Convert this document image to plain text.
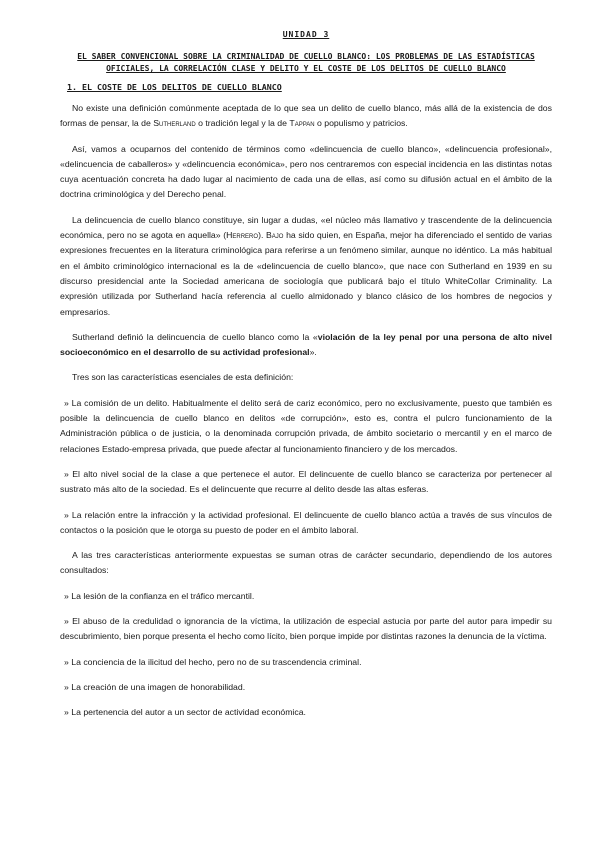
UNIDAD 3
EL SABER CONVENCIONAL SOBRE LA CRIMINALIDAD DE CUELLO BLANCO: LOS PROBLEMAS DE LAS ESTADÍSTICAS OFICIALES, LA CORRELACIÓN CLASE Y DELITO Y EL COSTE DE LOS DELITOS DE CUELLO BLANCO
1. EL COSTE DE LOS DELITOS DE CUELLO BLANCO

No existe una definición comúnmente aceptada de lo que sea un delito de cuello blanco, más allá de la existencia de dos formas de pensar, la de Sutherland o tradición legal y la de Tappan o populismo y patricios.

Así, vamos a ocuparnos del contenido de términos como «delincuencia de cuello blanco», «delincuencia profesional», «delincuencia de caballeros» y «delincuencia económica», pero nos centraremos con especial incidencia en las distintas notas cuya acentuación concreta ha dado lugar al nacimiento de cada una de ellas, así como su difusión actual en el ámbito de la doctrina criminológica y del Derecho penal.

La delincuencia de cuello blanco constituye, sin lugar a dudas, «el núcleo más llamativo y trascendente de la delincuencia económica, pero no se agota en aquella» (Herrero). Bajo ha sido quien, en España, mejor ha diferenciado el sentido de varias expresiones frecuentes en la literatura criminológica para referirse a un fenómeno similar, aunque no idéntico. La más habitual en el ámbito criminológico internacional es la de «delincuencia de cuello blanco», que nace con Sutherland en 1939 en su discurso presidencial ante la Sociedad americana de sociología que publicará bajo el título WhiteCollar Criminality. La expresión utilizada por Sutherland hacía referencia al cuello almidonado y blanco clásico de los hombres de negocios y empresarios.

Sutherland definió la delincuencia de cuello blanco como la «violación de la ley penal por una persona de alto nivel socioeconómico en el desarrollo de su actividad profesional».

Tres son las características esenciales de esta definición:

» La comisión de un delito. Habitualmente el delito será de cariz económico, pero no exclusivamente, puesto que también es posible la delincuencia de cuello blanco en delitos «de corrupción», esto es, contra el pulcro funcionamiento de la Administración pública o de justicia, o la denominada corrupción privada, de ámbito societario o mercantil y en el marco de relaciones Estado-empresa privada, que puede afectar al funcionamiento financiero y de los mercados.

» El alto nivel social de la clase a que pertenece el autor. El delincuente de cuello blanco se caracteriza por pertenecer al sustrato más alto de la sociedad. Es el delincuente que recurre al delito desde las altas esferas.

» La relación entre la infracción y la actividad profesional. El delincuente de cuello blanco actúa a través de sus vínculos de contactos o la posición que le otorga su puesto de poder en el ámbito laboral.

A las tres características anteriormente expuestas se suman otras de carácter secundario, dependiendo de los autores consultados:

» La lesión de la confianza en el tráfico mercantil.

» El abuso de la credulidad o ignorancia de la víctima, la utilización de especial astucia por parte del autor para impedir su descubrimiento, bien porque presenta el hecho como lícito, bien porque impide por distintas razones la denuncia de la víctima.

» La conciencia de la ilicitud del hecho, pero no de su trascendencia criminal.

» La creación de una imagen de honorabilidad.

» La pertenencia del autor a un sector de actividad económica.
